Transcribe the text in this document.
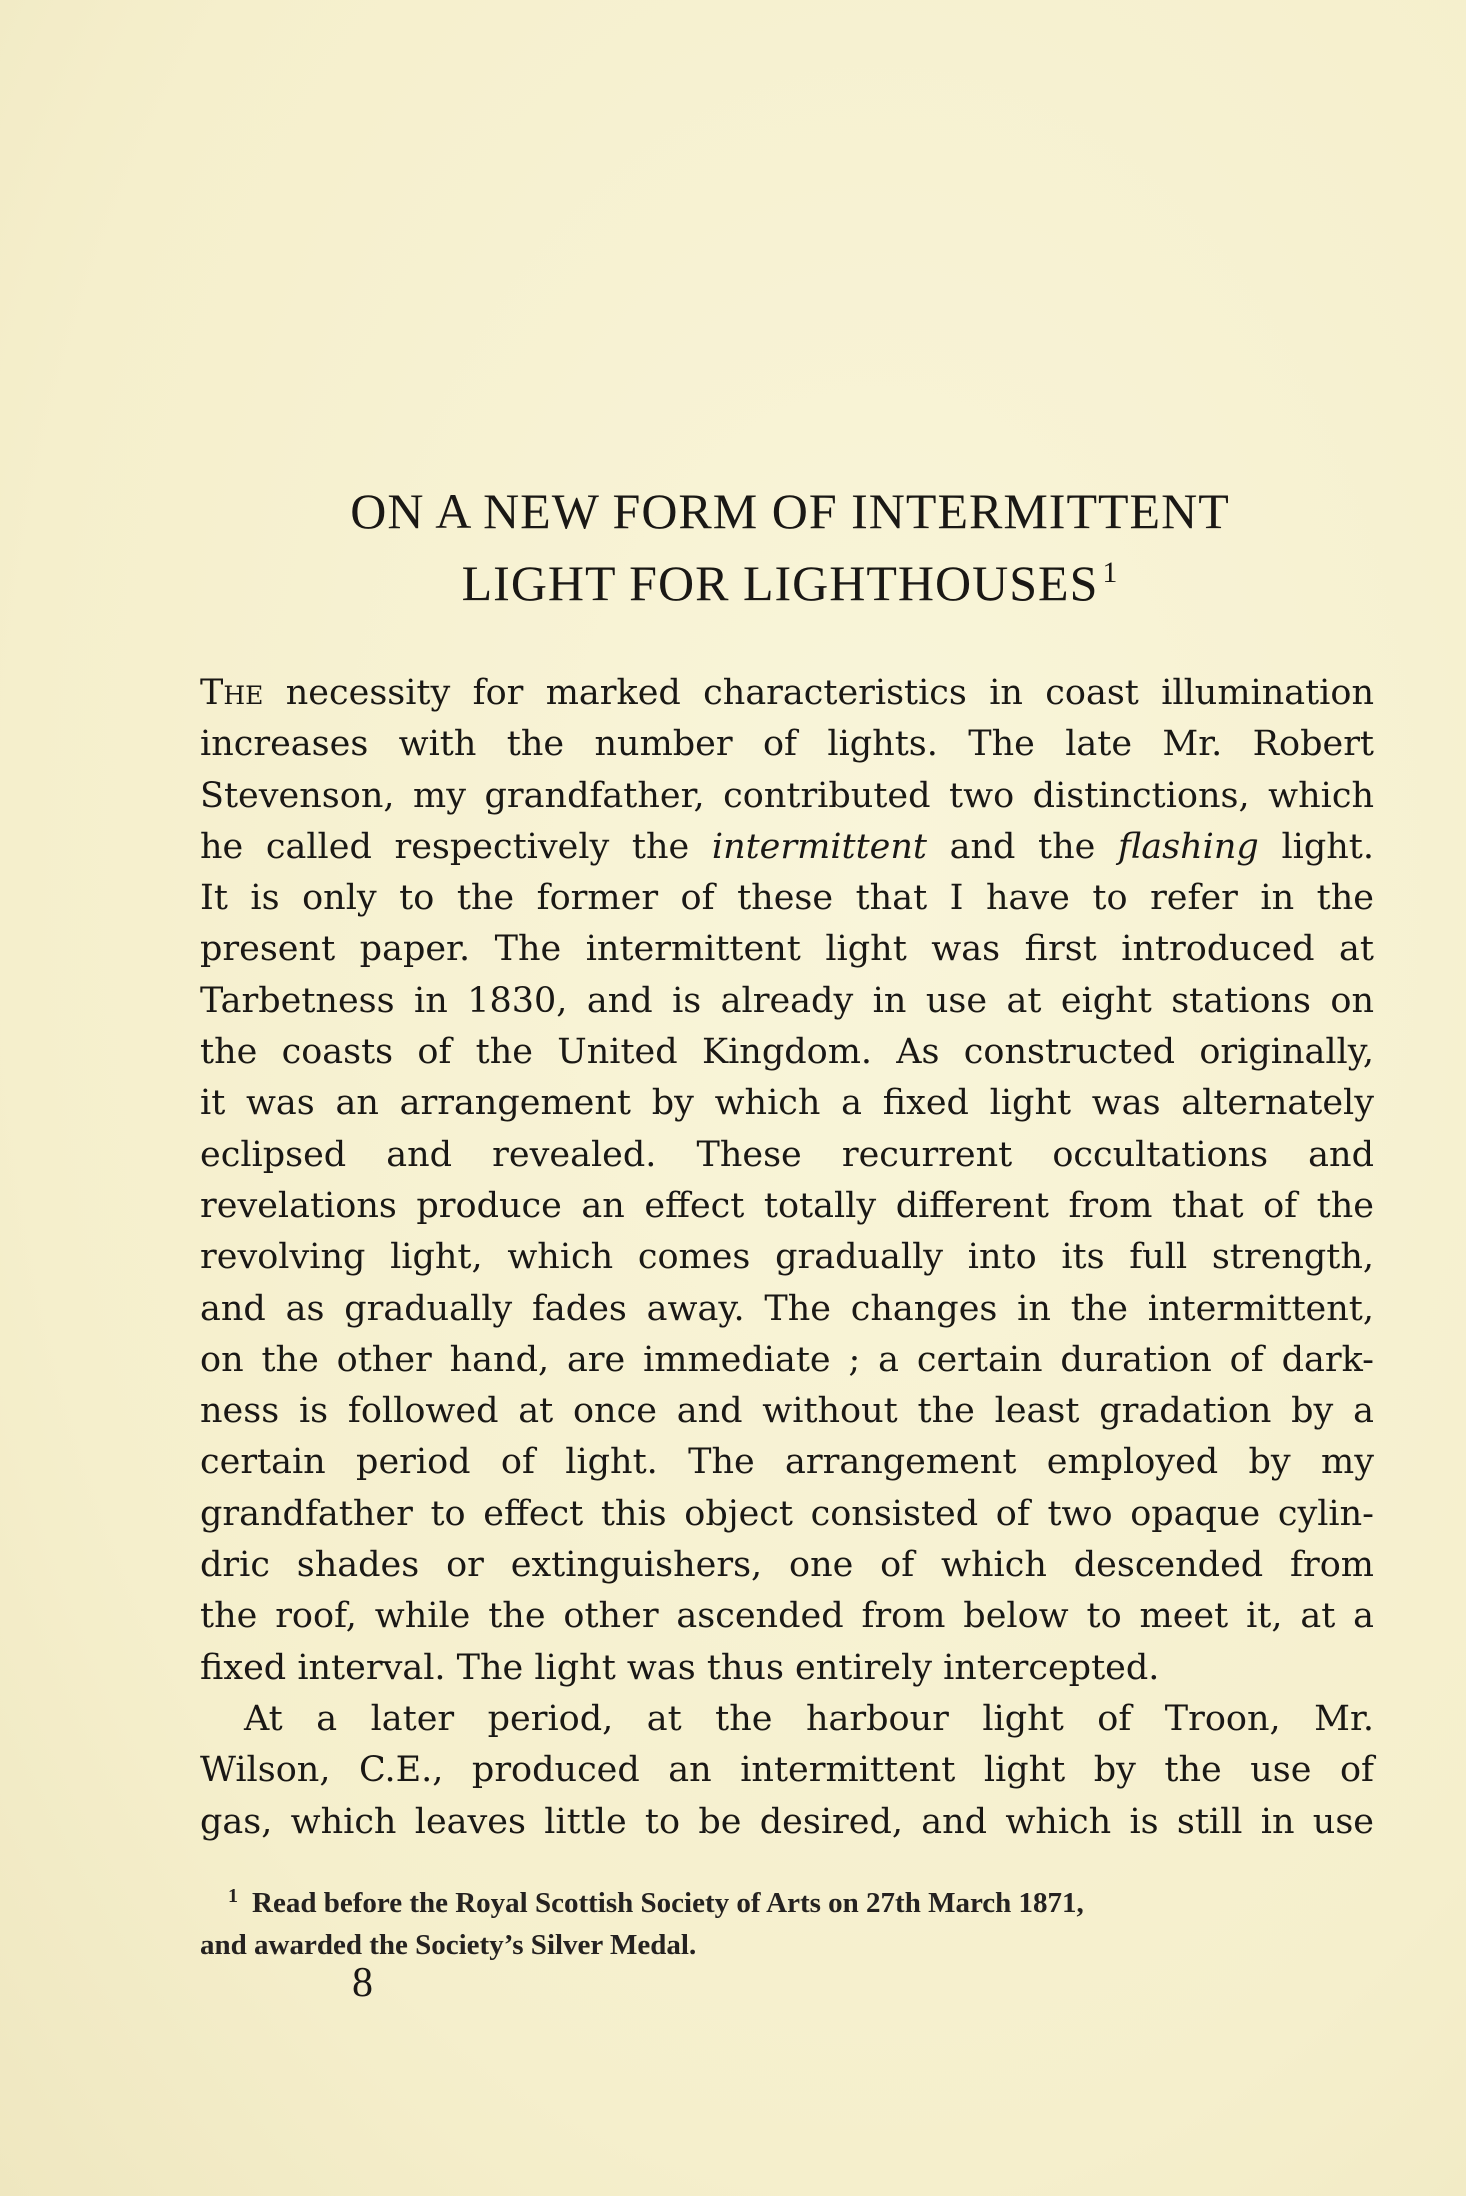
ON A NEW FORM OF INTERMITTENT
LIGHT FOR LIGHTHOUSES $^1$

The necessity for marked characteristics in coast illumination
increases with the number of lights. The late Mr. Robert
Stevenson, my grandfather, contributed two distinctions, which
he called respectively the intermittent and the flashing light.
It is only to the former of these that I have to refer in the
present paper. The intermittent light was first introduced at
Tarbetness in 1830, and is already in use at eight stations on
the coasts of the United Kingdom. As constructed originally,
it was an arrangement by which a fixed light was alternately
eclipsed and revealed. These recurrent occultations and
revelations produce an effect totally different from that of the
revolving light, which comes gradually into its full strength,
and as gradually fades away. The changes in the intermittent,
on the other hand, are immediate ; a certain duration of dark-
ness is followed at once and without the least gradation by a
certain period of light. The arrangement employed by my
grandfather to effect this object consisted of two opaque cylin-
dric shades or extinguishers, one of which descended from
the roof, while the other ascended from below to meet it, at a
fixed interval. The light was thus entirely intercepted.

At a later period, at the harbour light of Troon, Mr.
Wilson, C.E., produced an intermittent light by the use of
gas, which leaves little to be desired, and which is still in use

$^1$ Read before the Royal Scottish Society of Arts on 27th March 1871,
and awarded the Society’s Silver Medal.
8
